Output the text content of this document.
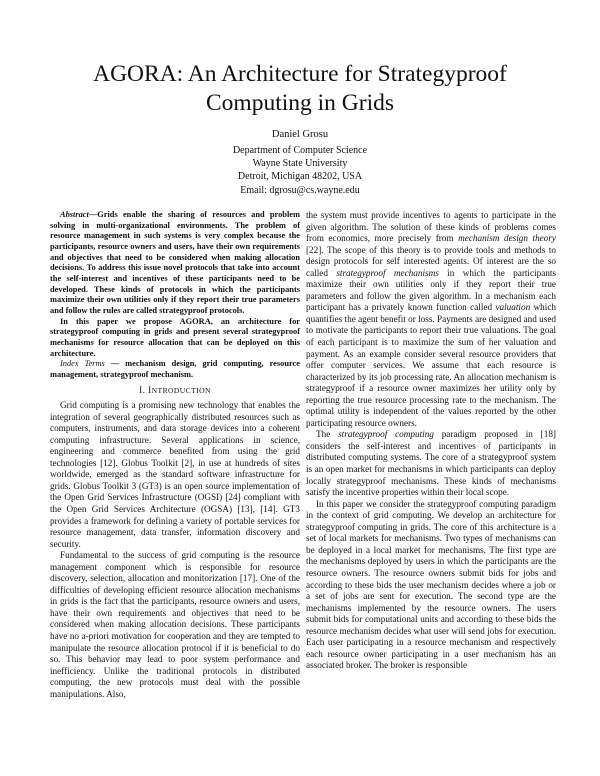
AGORA: An Architecture for Strategyproof
Computing in Grids
Daniel Grosu
Department of Computer Science
Wayne State University
Detroit, Michigan 48202, USA
Email: dgrosu@cs.wayne.edu

Abstract—Grids enable the sharing of resources and problem solving in multi-organizational environments. The problem of resource management in such systems is very complex because the participants, resource owners and users, have their own requirements and objectives that need to be considered when making allocation decisions. To address this issue novel protocols that take into account the self-interest and incentives of these participants need to be developed. These kinds of protocols in which the participants maximize their own utilities only if they report their true parameters and follow the rules are called strategyproof protocols.

In this paper we propose AGORA, an architecture for strategyproof computing in grids and present several strategyproof mechanisms for resource allocation that can be deployed on this architecture.

Index Terms — mechanism design, grid computing, resource management, strategyproof mechanism.

I. INTRODUCTION

Grid computing is a promising new technology that enables the integration of several geographically distributed resources such as computers, instruments, and data storage devices into a coherent computing infrastructure. Several applications in science, engineering and commerce benefited from using the grid technologies [12]. Globus Toolkit [2], in use at hundreds of sites worldwide, emerged as the standard software infrastructure for grids. Globus Toolkit 3 (GT3) is an open source implementation of the Open Grid Services Infrastructure (OGSI) [24] compliant with the Open Grid Services Architecture (OGSA) [13], [14]. GT3 provides a framework for defining a variety of portable services for resource management, data transfer, information discovery and security.

Fundamental to the success of grid computing is the resource management component which is responsible for resource discovery, selection, allocation and monitorization [17]. One of the difficulties of developing efficient resource allocation mechanisms in grids is the fact that the participants, resource owners and users, have their own requirements and objectives that need to be considered when making allocation decisions. These participants have no a-priori motivation for cooperation and they are tempted to manipulate the resource allocation protocol if it is beneficial to do so. This behavior may lead to poor system performance and inefficiency. Unlike the traditional protocols in distributed computing, the new protocols must deal with the possible manipulations. Also,

the system must provide incentives to agents to participate in the given algorithm. The solution of these kinds of problems comes from economics, more precisely from mechanism design theory [22]. The scope of this theory is to provide tools and methods to design protocols for self interested agents. Of interest are the so called strategyproof mechanisms in which the participants maximize their own utilities only if they report their true parameters and follow the given algorithm. In a mechanism each participant has a privately known function called valuation which quantifies the agent benefit or loss. Payments are designed and used to motivate the participants to report their true valuations. The goal of each participant is to maximize the sum of her valuation and payment. As an example consider several resource providers that offer computer services. We assume that each resource is characterized by its job processing rate. An allocation mechanism is strategyproof if a resource owner maximizes her utility only by reporting the true resource processing rate to the mechanism. The optimal utility is independent of the values reported by the other participating resource owners.

The strategyproof computing paradigm proposed in [18] considers the self-interest and incentives of participants in distributed computing systems. The core of a strategyproof system is an open market for mechanisms in which participants can deploy locally strategyproof mechanisms. These kinds of mechanisms satisfy the incentive properties within their local scope.

In this paper we consider the strategyproof computing paradigm in the context of grid computing. We develop an architecture for strategyproof computing in grids. The core of this architecture is a set of local markets for mechanisms. Two types of mechanisms can be deployed in a local market for mechanisms. The first type are the mechanisms deployed by users in which the participants are the resource owners. The resource owners submit bids for jobs and according to these bids the user mechanism decides where a job or a set of jobs are sent for execution. The second type are the mechanisms implemented by the resource owners. The users submit bids for computational units and according to these bids the resource mechanism decides what user will send jobs for execution. Each user participating in a resource mechanism and respectively each resource owner participating in a user mechanism has an associated broker. The broker is responsible
